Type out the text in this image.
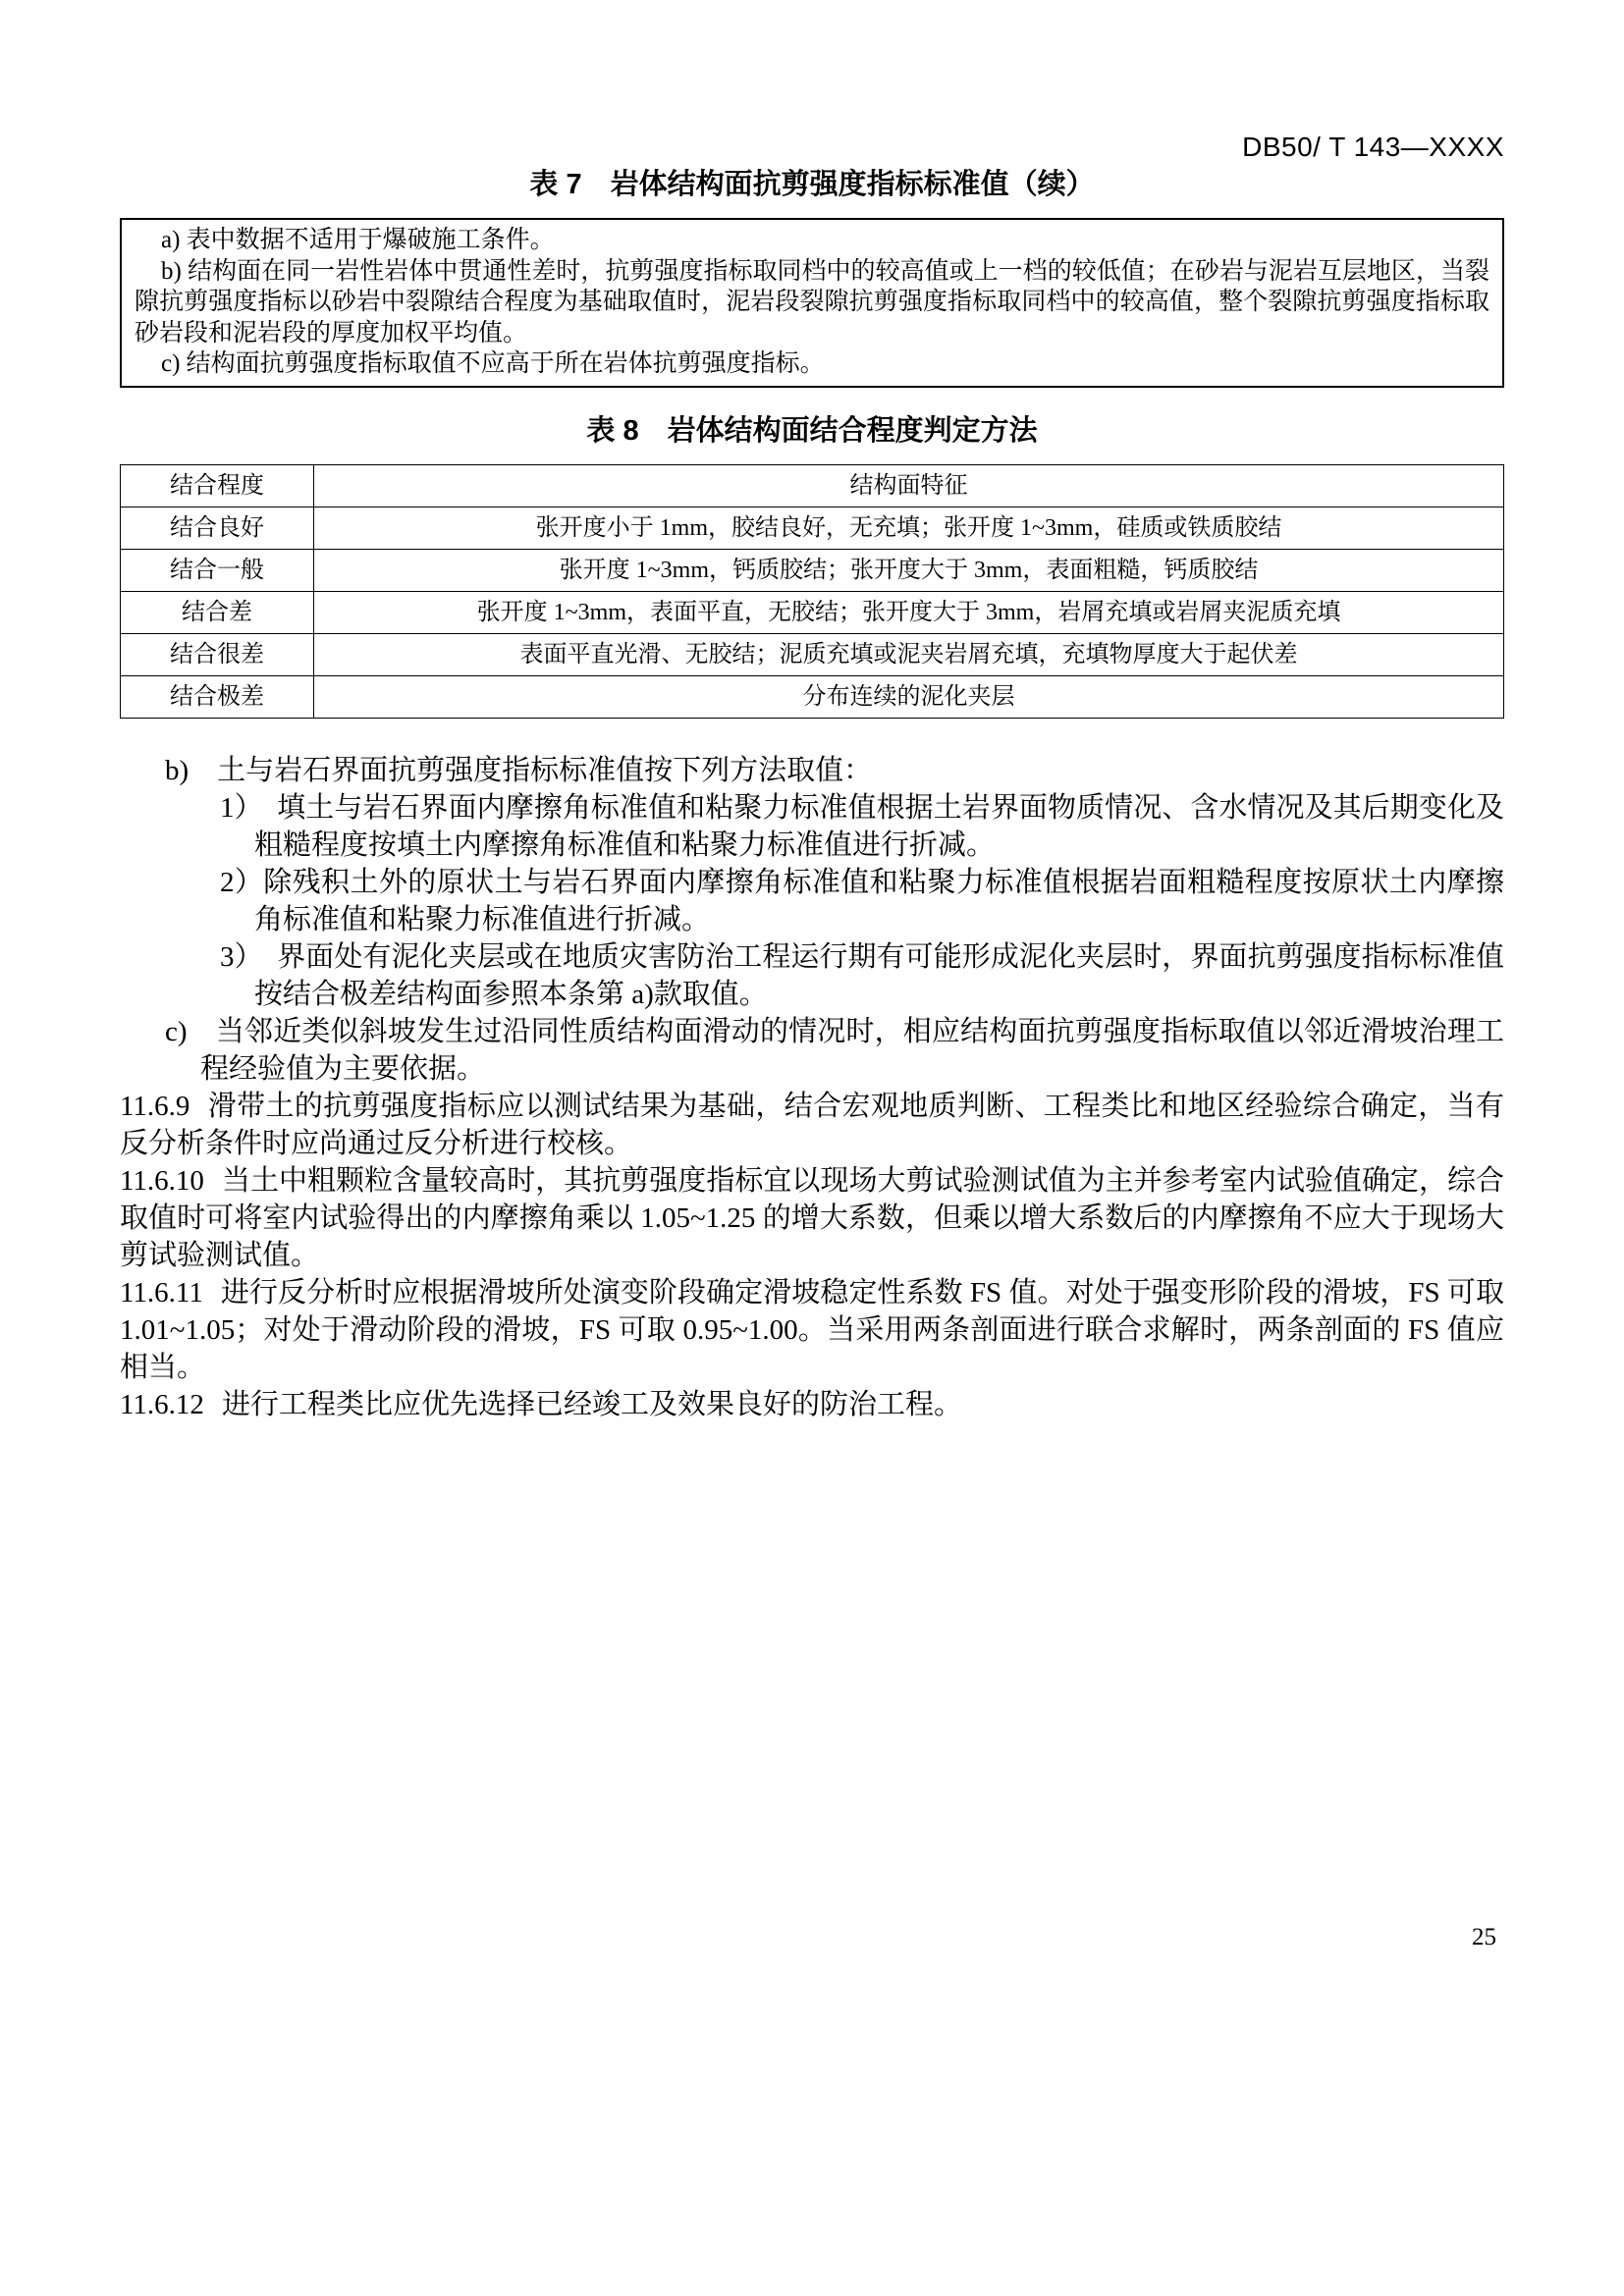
DB50/ T 143—XXXX
表 7　岩体结构面抗剪强度指标标准值（续）

a) 表中数据不适用于爆破施工条件。

b) 结构面在同一岩性岩体中贯通性差时，抗剪强度指标取同档中的较高值或上一档的较低值；在砂岩与泥岩互层地区，当裂隙抗剪强度指标以砂岩中裂隙结合程度为基础取值时，泥岩段裂隙抗剪强度指标取同档中的较高值，整个裂隙抗剪强度指标取砂岩段和泥岩段的厚度加权平均值。

c) 结构面抗剪强度指标取值不应高于所在岩体抗剪强度指标。

表 8　岩体结构面结合程度判定方法
结合程度	结构面特征
结合良好	张开度小于 1mm，胶结良好，无充填；张开度 1~3mm，硅质或铁质胶结
结合一般	张开度 1~3mm，钙质胶结；张开度大于 3mm，表面粗糙，钙质胶结
结合差	张开度 1~3mm，表面平直，无胶结；张开度大于 3mm，岩屑充填或岩屑夹泥质充填
结合很差	表面平直光滑、无胶结；泥质充填或泥夹岩屑充填，充填物厚度大于起伏差
结合极差	分布连续的泥化夹层

b)　土与岩石界面抗剪强度指标标准值按下列方法取值：

1）　填土与岩石界面内摩擦角标准值和粘聚力标准值根据土岩界面物质情况、含水情况及其后期变化及粗糙程度按填土内摩擦角标准值和粘聚力标准值进行折减。

2）除残积土外的原状土与岩石界面内摩擦角标准值和粘聚力标准值根据岩面粗糙程度按原状土内摩擦角标准值和粘聚力标准值进行折减。

3）　界面处有泥化夹层或在地质灾害防治工程运行期有可能形成泥化夹层时，界面抗剪强度指标标准值按结合极差结构面参照本条第 a)款取值。

c)　当邻近类似斜坡发生过沿同性质结构面滑动的情况时，相应结构面抗剪强度指标取值以邻近滑坡治理工程经验值为主要依据。

11.6.9 滑带土的抗剪强度指标应以测试结果为基础，结合宏观地质判断、工程类比和地区经验综合确定，当有反分析条件时应尚通过反分析进行校核。

11.6.10 当土中粗颗粒含量较高时，其抗剪强度指标宜以现场大剪试验测试值为主并参考室内试验值确定，综合取值时可将室内试验得出的内摩擦角乘以 1.05~1.25 的增大系数，但乘以增大系数后的内摩擦角不应大于现场大剪试验测试值。

11.6.11 进行反分析时应根据滑坡所处演变阶段确定滑坡稳定性系数 FS 值。对处于强变形阶段的滑坡，FS 可取 1.01~1.05；对处于滑动阶段的滑坡，FS 可取 0.95~1.00。当采用两条剖面进行联合求解时，两条剖面的 FS 值应相当。

11.6.12 进行工程类比应优先选择已经竣工及效果良好的防治工程。

25
